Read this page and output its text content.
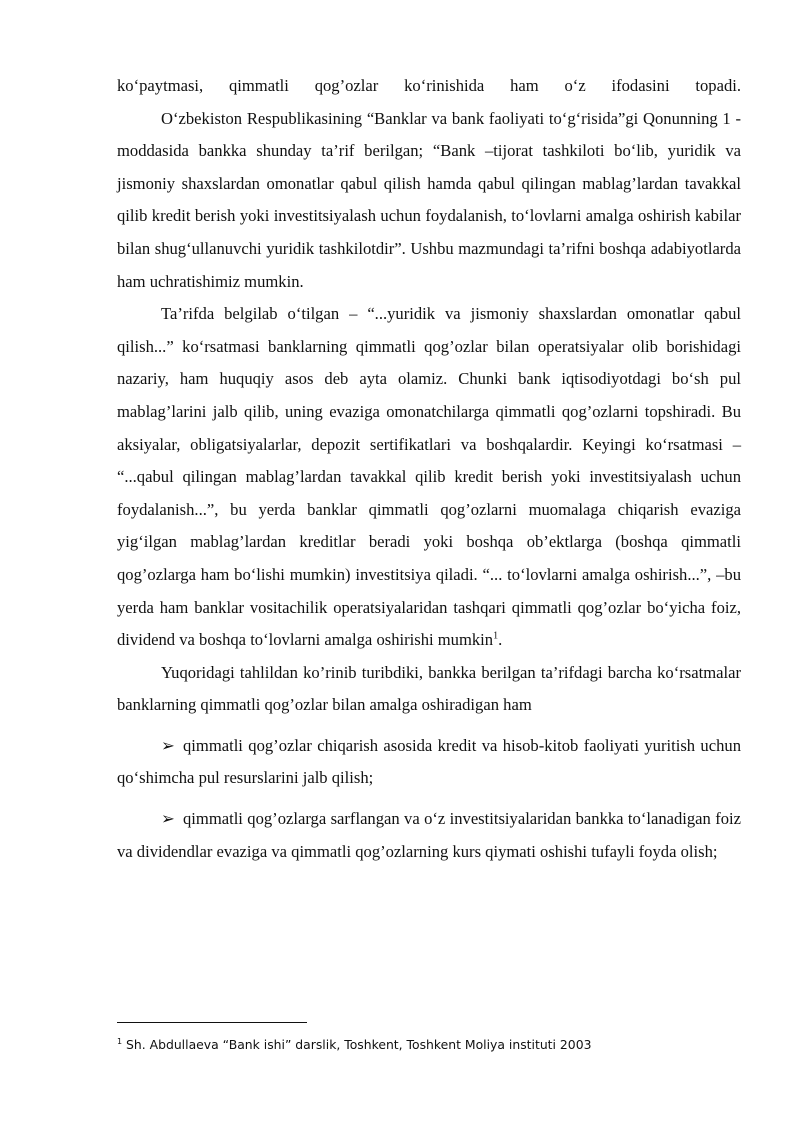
ko‘paytmasi, qimmatli qog’ozlar ko‘rinishida ham o‘z ifodasini topadi.

O‘zbekiston Respublikasining “Banklar va bank faoliyati to‘g‘risida”gi Qonunning 1 -moddasida bankka shunday ta’rif berilgan; “Bank –tijorat tashkiloti bo‘lib, yuridik va jismoniy shaxslardan omonatlar qabul qilish hamda qabul qilingan mablag’lardan tavakkal qilib kredit berish yoki investitsiyalash uchun foydalanish, to‘lovlarni amalga oshirish kabilar bilan shug‘ullanuvchi yuridik tashkilotdir”. Ushbu mazmundagi ta’rifni boshqa adabiyotlarda ham uchratishimiz mumkin.

Ta’rifda belgilab o‘tilgan – “...yuridik va jismoniy shaxslardan omonatlar qabul qilish...” ko‘rsatmasi banklarning qimmatli qog’ozlar bilan operatsiyalar olib borishidagi nazariy, ham huquqiy asos deb ayta olamiz. Chunki bank iqtisodiyotdagi bo‘sh pul mablag’larini jalb qilib, uning evaziga omonatchilarga qimmatli qog’ozlarni topshiradi. Bu aksiyalar, obligatsiyalarlar, depozit sertifikatlari va boshqalardir. Keyingi ko‘rsatmasi – “...qabul qilingan mablag’lardan tavakkal qilib kredit berish yoki investitsiyalash uchun foydalanish...”, bu yerda banklar qimmatli qog’ozlarni muomalaga chiqarish evaziga yig‘ilgan mablag’lardan kreditlar beradi yoki boshqa ob’ektlarga (boshqa qimmatli qog’ozlarga ham bo‘lishi mumkin) investitsiya qiladi. “... to‘lovlarni amalga oshirish...”, –bu yerda ham banklar vositachilik operatsiyalaridan tashqari qimmatli qog’ozlar bo‘yicha foiz, dividend va boshqa to‘lovlarni amalga oshirishi mumkin$^1$.

Yuqoridagi tahlildan ko’rinib turibdiki, bankka berilgan ta’rifdagi barcha ko‘rsatmalar banklarning qimmatli qog’ozlar bilan amalga oshiradigan ham

➢ qimmatli qog’ozlar chiqarish asosida kredit va hisob-kitob faoliyati yuritish uchun qo‘shimcha pul resurslarini jalb qilish;

➢ qimmatli qog’ozlarga sarflangan va o‘z investitsiyalaridan bankka to‘lanadigan foiz va dividendlar evaziga va qimmatli qog’ozlarning kurs qiymati oshishi tufayli foyda olish;

$^1$ Sh. Abdullaeva “Bank ishi” darslik, Toshkent, Toshkent Moliya instituti 2003
